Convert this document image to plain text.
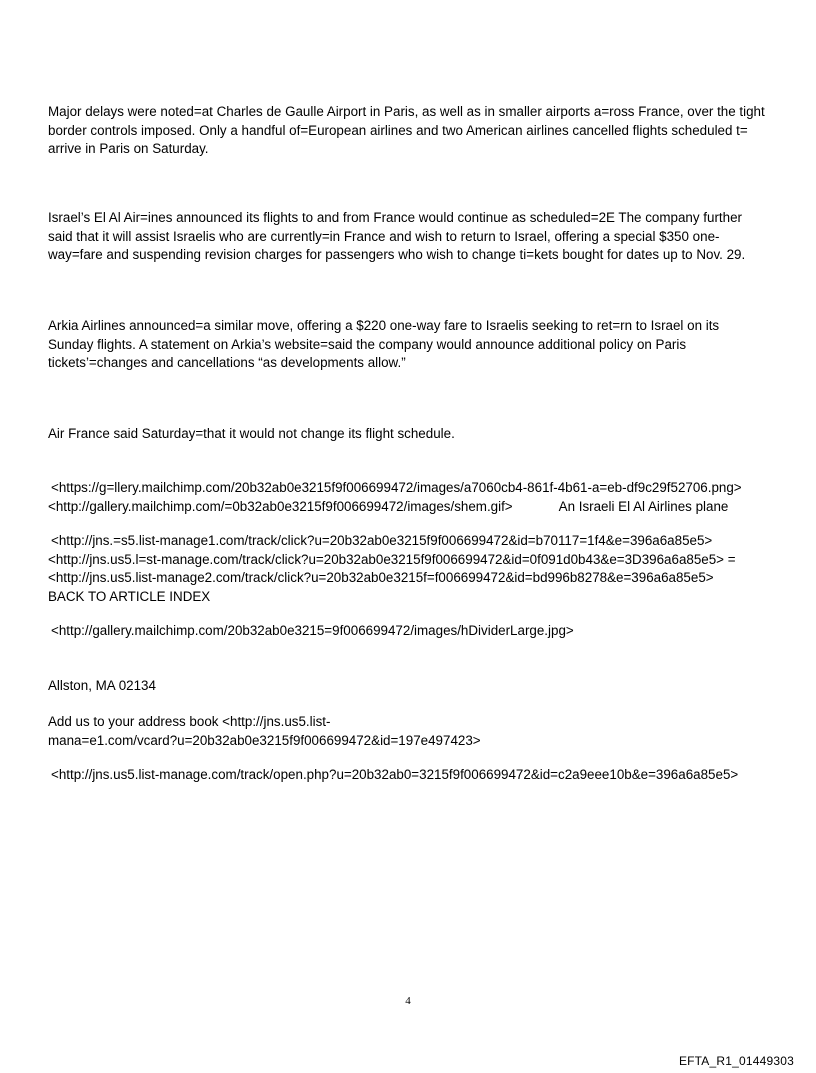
Major delays were noted=at Charles de Gaulle Airport in Paris, as well as in smaller airports a=ross France, over the tight
border controls imposed. Only a handful of=European airlines and two American airlines cancelled flights scheduled t=
arrive in Paris on Saturday.

Israel’s El Al Air=ines announced its flights to and from France would continue as scheduled=2E The company further
said that it will assist Israelis who are currently=in France and wish to return to Israel, offering a special $350 one-
way=fare and suspending revision charges for passengers who wish to change ti=kets bought for dates up to Nov. 29.

Arkia Airlines announced=a similar move, offering a $220 one-way fare to Israelis seeking to ret=rn to Israel on its
Sunday flights. A statement on Arkia’s website=said the company would announce additional policy on Paris
tickets’=changes and cancellations “as developments allow.”

Air France said Saturday=that it would not change its flight schedule.

<https://g=llery.mailchimp.com/20b32ab0e3215f9f006699472/images/a7060cb4-861f-4b61-a=eb-df9c29f52706.png>
<http://gallery.mailchimp.com/=0b32ab0e3215f9f006699472/images/shem.gif>	An Israeli El Al Airlines plane

<http://jns.=s5.list-manage1.com/track/click?u=20b32ab0e3215f9f006699472&id=b70117=1f4&e=396a6a85e5>
<http://jns.us5.l=st-manage.com/track/click?u=20b32ab0e3215f9f006699472&id=0f091d0b43&e=3D396a6a85e5> =
<http://jns.us5.list-manage2.com/track/click?u=20b32ab0e3215f=f006699472&id=bd996b8278&e=396a6a85e5>
BACK TO ARTICLE INDEX

<http://gallery.mailchimp.com/20b32ab0e3215=9f006699472/images/hDividerLarge.jpg>

Allston, MA 02134

Add us to your address book <http://jns.us5.list-
mana=e1.com/vcard?u=20b32ab0e3215f9f006699472&id=197e497423>

<http://jns.us5.list-manage.com/track/open.php?u=20b32ab0=3215f9f006699472&id=c2a9eee10b&e=396a6a85e5>

4
EFTA_R1_01449303
